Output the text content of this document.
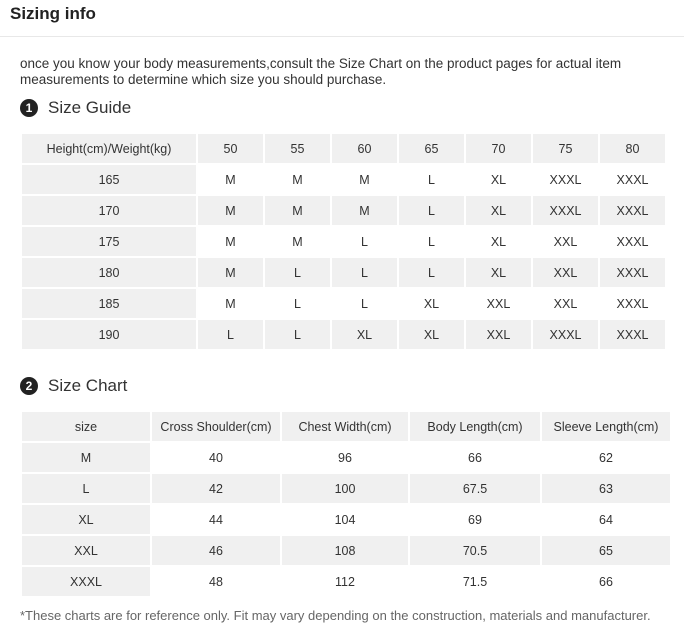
Sizing info
once you know your body measurements,consult the Size Chart on the product pages for actual item measurements to determine which size you should purchase.
1 Size Guide
Height(cm)/Weight(kg)	50	55	60	65	70	75	80
165	M	M	M	L	XL	XXXL	XXXL
170	M	M	M	L	XL	XXXL	XXXL
175	M	M	L	L	XL	XXL	XXXL
180	M	L	L	L	XL	XXL	XXXL
185	M	L	L	XL	XXL	XXL	XXXL
190	L	L	XL	XL	XXL	XXXL	XXXL
2 Size Chart
size	Cross Shoulder(cm)	Chest Width(cm)	Body Length(cm)	Sleeve Length(cm)
M	40	96	66	62
L	42	100	67.5	63
XL	44	104	69	64
XXL	46	108	70.5	65
XXXL	48	112	71.5	66
*These charts are for reference only. Fit may vary depending on the construction, materials and manufacturer.
